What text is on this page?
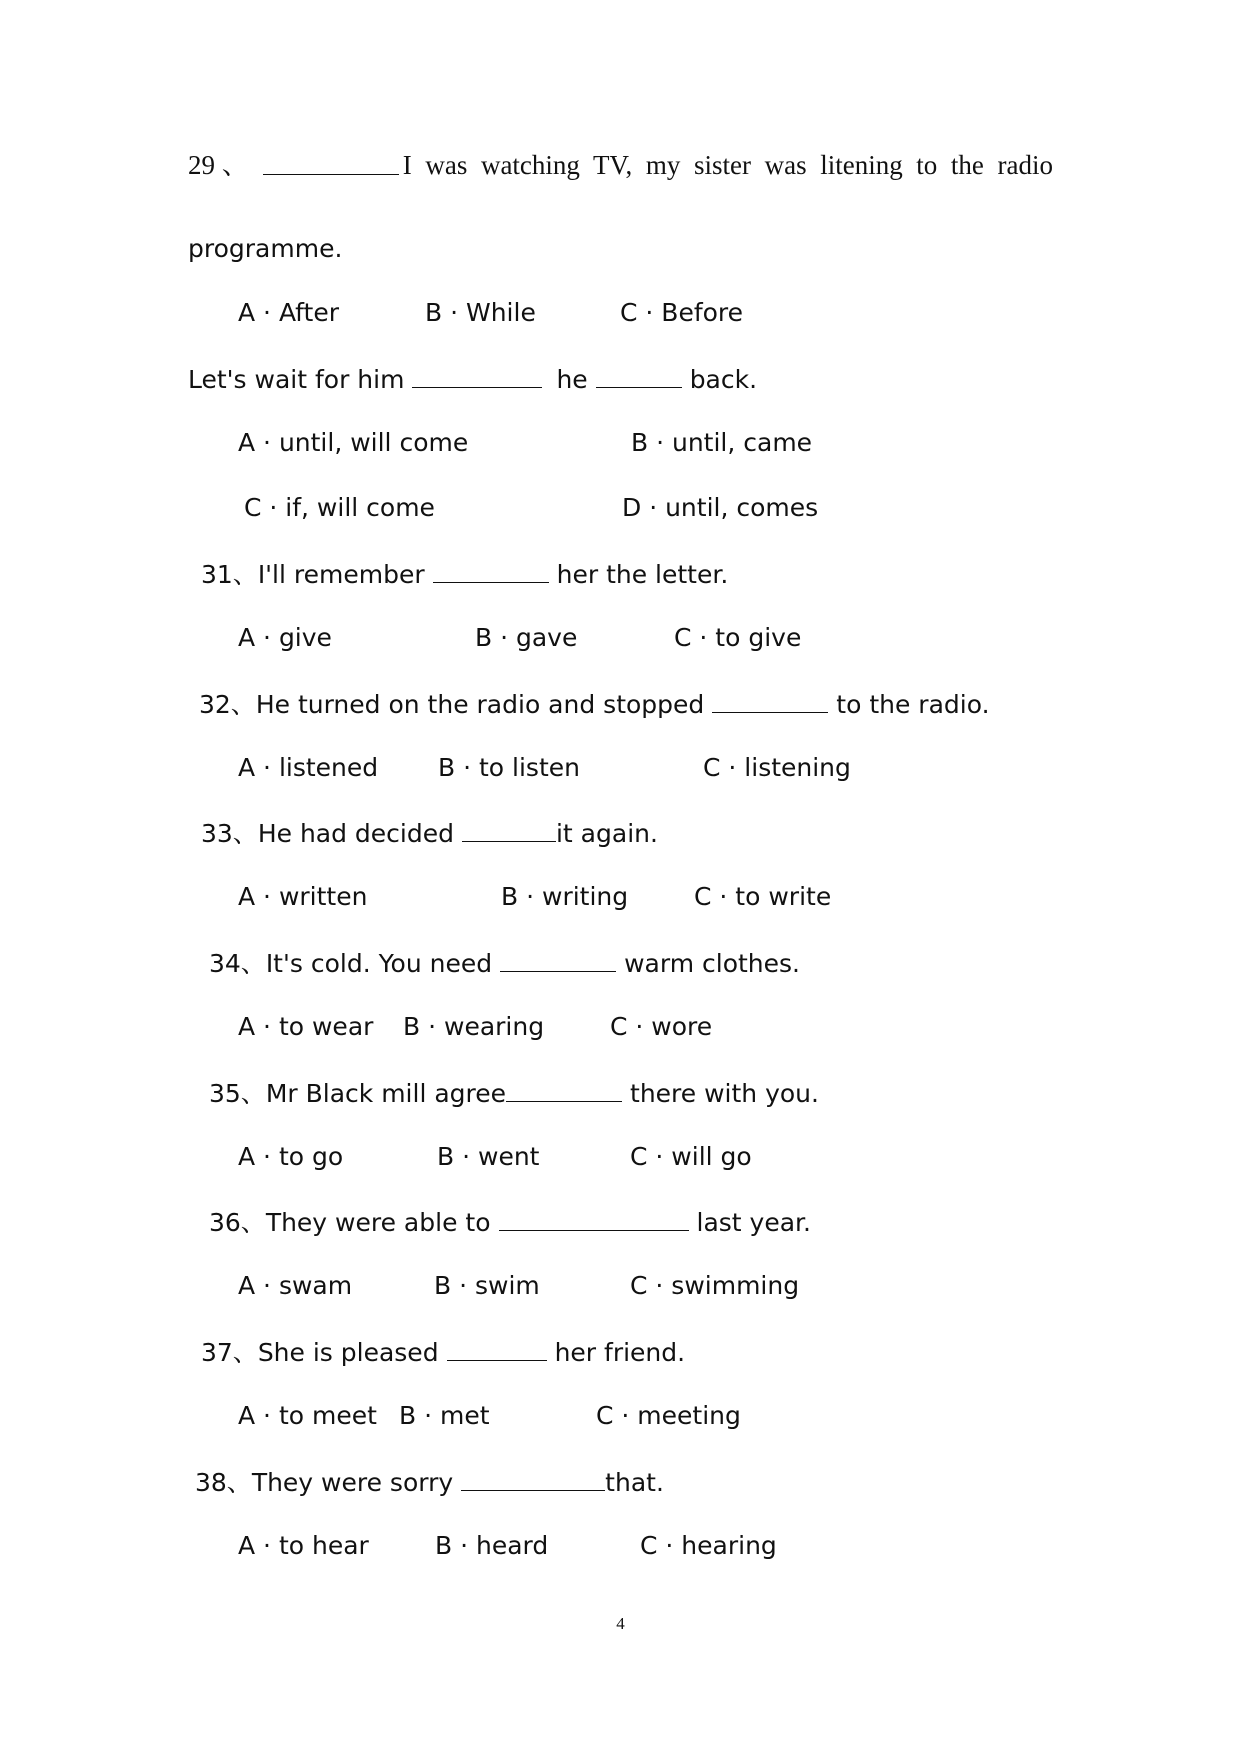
29 、	I was watching TV, my sister was litening to the radio
programme.
A · After	B · While	C · Before
Let's wait for him	he	back.
A · until, will come	B · until, came
C · if, will come	D · until, comes
31、I'll remember	her the letter.
A · give	B · gave	C · to give
32、He turned on the radio and stopped	to the radio.
A · listened B · to listen	C · listening
33、He had decided	it again.
A · written	B · writing	C · to write
34、It's cold. You need	warm clothes.
A · to wear B · wearing	C · wore
35、Mr Black mill agree	there with you.
A · to go	B · went	C · will go
36、They were able to	last year.
A · swam	B · swim	C · swimming
37、She is pleased	her friend.
A · to meet B · met	C · meeting
38、They were sorry	that.
A · to hear	B · heard	C · hearing
4
